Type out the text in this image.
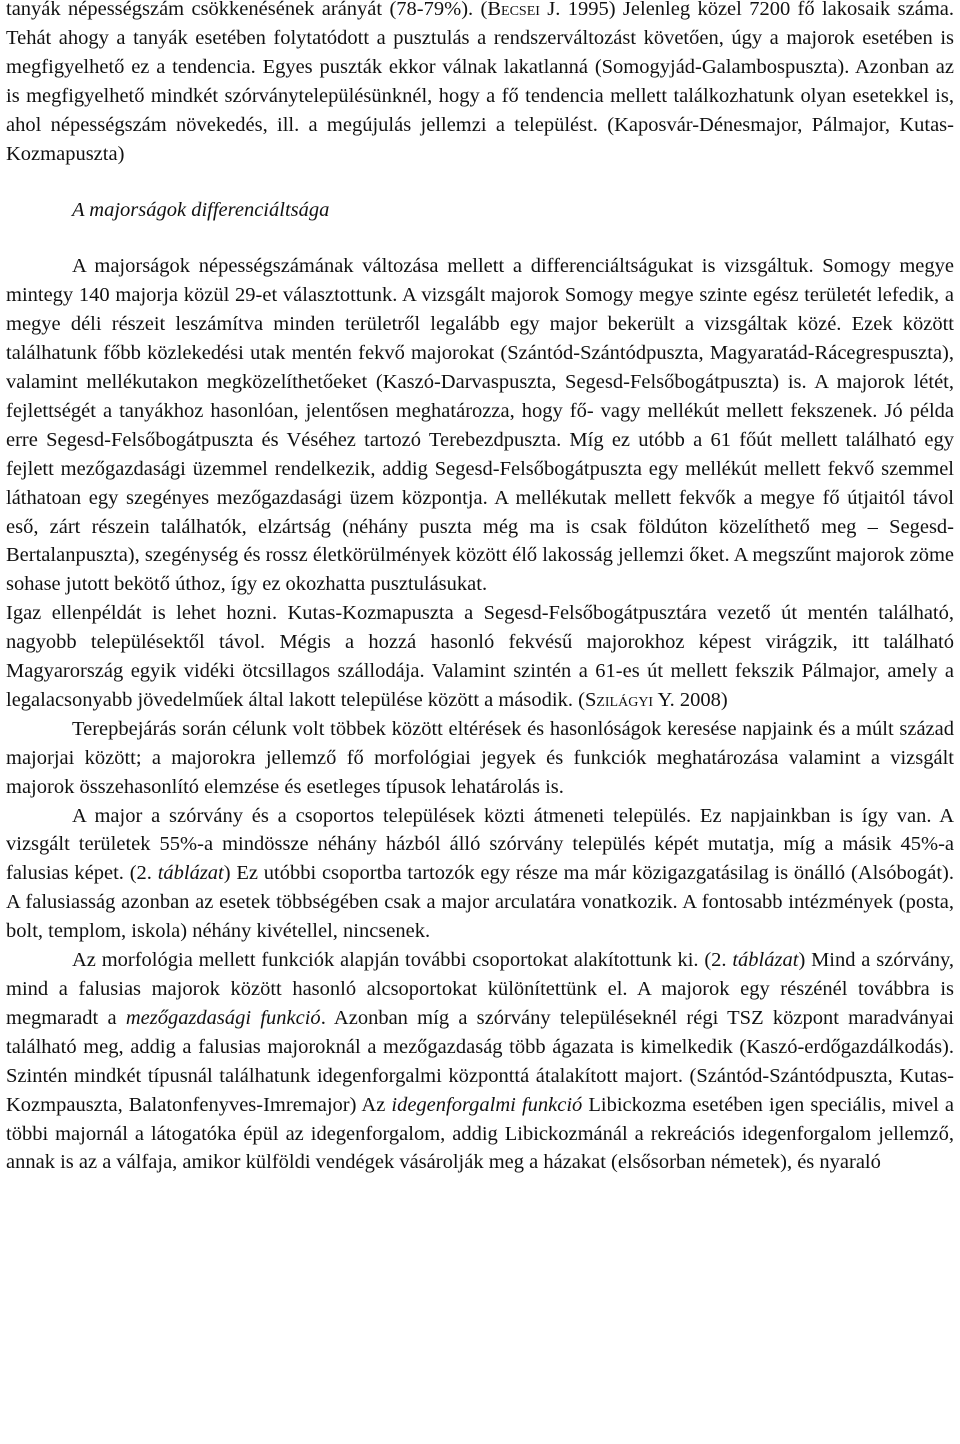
tanyák népességszám csökkenésének arányát (78-79%). (Becsei J. 1995) Jelenleg közel 7200 fő lakosaik száma. Tehát ahogy a tanyák esetében folytatódott a pusztulás a rendszerváltozást követően, úgy a majorok esetében is megfigyelhető ez a tendencia. Egyes puszták ekkor válnak lakatlanná (Somogyjád-Galambospuszta). Azonban az is megfigyelhető mindkét szórványtelepülésünknél, hogy a fő tendencia mellett találkozhatunk olyan esetekkel is, ahol népességszám növekedés, ill. a megújulás jellemzi a települést. (Kaposvár-Dénesmajor, Pálmajor, Kutas-Kozmapuszta)

A majorságok differenciáltsága

A majorságok népességszámának változása mellett a differenciáltságukat is vizsgáltuk. Somogy megye mintegy 140 majorja közül 29-et választottunk. A vizsgált majorok Somogy megye szinte egész területét lefedik, a megye déli részeit leszámítva minden területről legalább egy major bekerült a vizsgáltak közé. Ezek között találhatunk főbb közlekedési utak mentén fekvő majorokat (Szántód-Szántódpuszta, Magyaratád-Rácegrespuszta), valamint mellékutakon megközelíthetőeket (Kaszó-Darvaspuszta, Segesd-Felsőbogátpuszta) is. A majorok létét, fejlettségét a tanyákhoz hasonlóan, jelentősen meghatározza, hogy fő- vagy mellékút mellett fekszenek. Jó példa erre Segesd-Felsőbogátpuszta és Véséhez tartozó Terebezdpuszta. Míg ez utóbb a 61 főút mellett található egy fejlett mezőgazdasági üzemmel rendelkezik, addig Segesd-Felsőbogátpuszta egy mellékút mellett fekvő szemmel láthatoan egy szegényes mezőgazdasági üzem központja. A mellékutak mellett fekvők a megye fő útjaitól távol eső, zárt részein találhatók, elzártság (néhány puszta még ma is csak földúton közelíthető meg – Segesd-Bertalanpuszta), szegénység és rossz életkörülmények között élő lakosság jellemzi őket. A megszűnt majorok zöme sohase jutott bekötő úthoz, így ez okozhatta pusztulásukat.

Igaz ellenpéldát is lehet hozni. Kutas-Kozmapuszta a Segesd-Felsőbogátpusztára vezető út mentén található, nagyobb településektől távol. Mégis a hozzá hasonló fekvésű majorokhoz képest virágzik, itt található Magyarország egyik vidéki ötcsillagos szállodája. Valamint szintén a 61-es út mellett fekszik Pálmajor, amely a legalacsonyabb jövedelműek által lakott települése között a második. (Szilágyi Y. 2008)

Terepbejárás során célunk volt többek között eltérések és hasonlóságok keresése napjaink és a múlt század majorjai között; a majorokra jellemző fő morfológiai jegyek és funkciók meghatározása valamint a vizsgált majorok összehasonlító elemzése és esetleges típusok lehatárolás is.

A major a szórvány és a csoportos települések közti átmeneti település. Ez napjainkban is így van. A vizsgált területek 55%-a mindössze néhány házból álló szórvány település képét mutatja, míg a másik 45%-a falusias képet. (2. táblázat) Ez utóbbi csoportba tartozók egy része ma már közigazgatásilag is önálló (Alsóbogát). A falusiasság azonban az esetek többségében csak a major arculatára vonatkozik. A fontosabb intézmények (posta, bolt, templom, iskola) néhány kivétellel, nincsenek.

Az morfológia mellett funkciók alapján további csoportokat alakítottunk ki. (2. táblázat) Mind a szórvány, mind a falusias majorok között hasonló alcsoportokat különítettünk el. A majorok egy részénél továbbra is megmaradt a mezőgazdasági funkció. Azonban míg a szórvány településeknél régi TSZ központ maradványai található meg, addig a falusias majoroknál a mezőgazdaság több ágazata is kimelkedik (Kaszó-erdőgazdálkodás). Szintén mindkét típusnál találhatunk idegenforgalmi központtá átalakított majort. (Szántód-Szántódpuszta, Kutas-Kozmpauszta, Balatonfenyves-Imremajor) Az idegenforgalmi funkció Libickozma esetében igen speciális, mivel a többi majornál a látogatóka épül az idegenforgalom, addig Libickozmánál a rekreációs idegenforgalom jellemző, annak is az a válfaja, amikor külföldi vendégek vásárolják meg a házakat (elsősorban németek), és nyaraló
